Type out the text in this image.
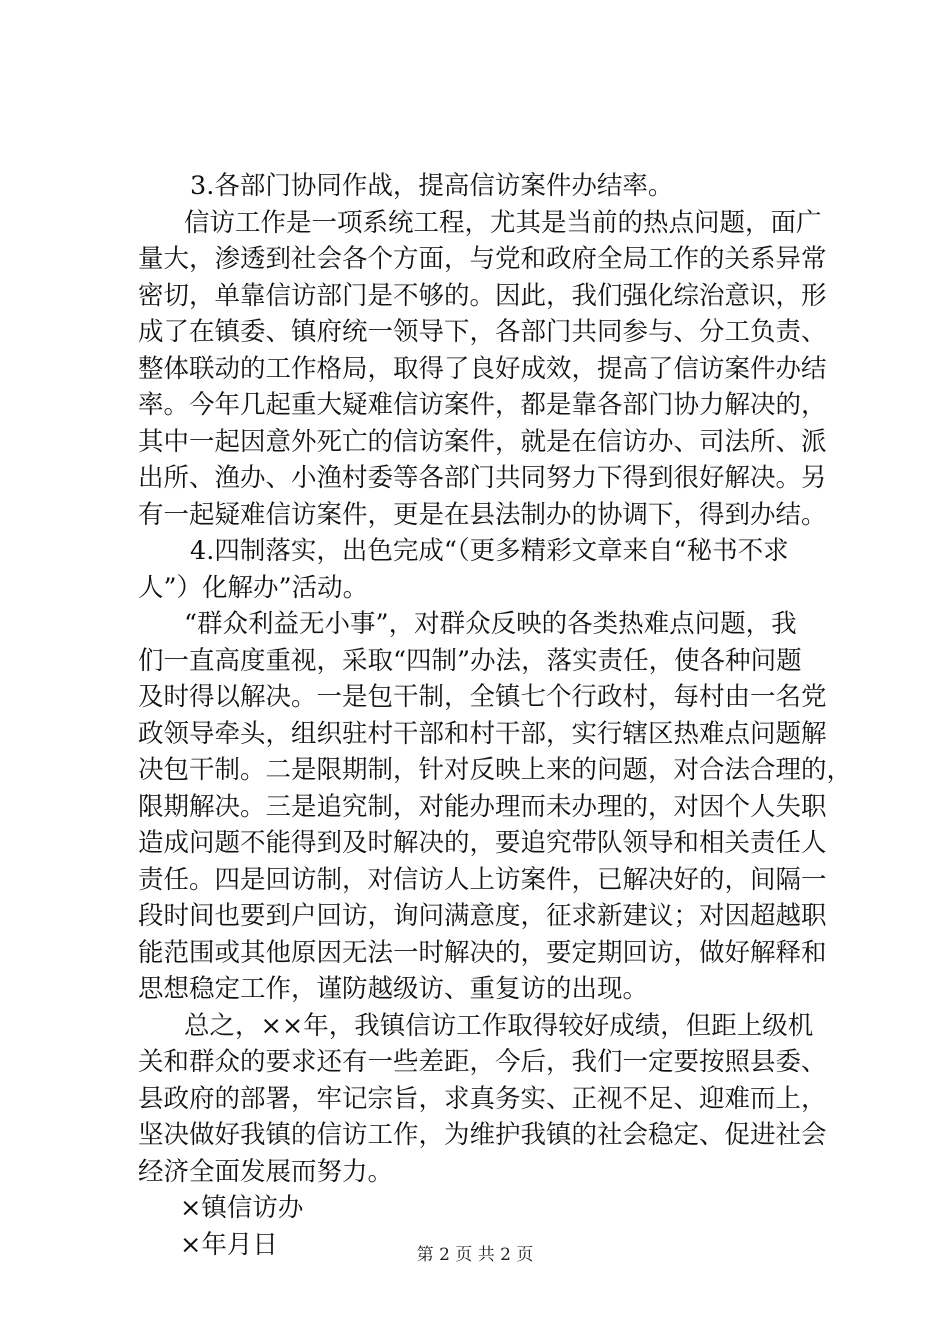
3.各部门协同作战，提高信访案件办结率。
信访工作是一项系统工程，尤其是当前的热点问题，面广
量大，渗透到社会各个方面，与党和政府全局工作的关系异常
密切，单靠信访部门是不够的。因此，我们强化综治意识，形
成了在镇委、镇府统一领导下，各部门共同参与、分工负责、
整体联动的工作格局，取得了良好成效，提高了信访案件办结
率。今年几起重大疑难信访案件，都是靠各部门协力解决的，
其中一起因意外死亡的信访案件，就是在信访办、司法所、派
出所、渔办、小渔村委等各部门共同努力下得到很好解决。另
有一起疑难信访案件，更是在县法制办的协调下，得到办结。
4.四制落实，出色完成“（更多精彩文章来自“秘书不求
人”）化解办”活动。
“群众利益无小事”，对群众反映的各类热难点问题，我
们一直高度重视，采取“四制”办法，落实责任，使各种问题
及时得以解决。一是包干制，全镇七个行政村，每村由一名党
政领导牵头，组织驻村干部和村干部，实行辖区热难点问题解
决包干制。二是限期制，针对反映上来的问题，对合法合理的，
限期解决。三是追究制，对能办理而未办理的，对因个人失职
造成问题不能得到及时解决的，要追究带队领导和相关责任人
责任。四是回访制，对信访人上访案件，已解决好的，间隔一
段时间也要到户回访，询问满意度，征求新建议；对因超越职
能范围或其他原因无法一时解决的，要定期回访，做好解释和
思想稳定工作，谨防越级访、重复访的出现。
总之，××年，我镇信访工作取得较好成绩，但距上级机
关和群众的要求还有一些差距，今后，我们一定要按照县委、
县政府的部署，牢记宗旨，求真务实、正视不足、迎难而上，
坚决做好我镇的信访工作，为维护我镇的社会稳定、促进社会
经济全面发展而努力。
×镇信访办
×年月日	第 2 页 共 2 页
